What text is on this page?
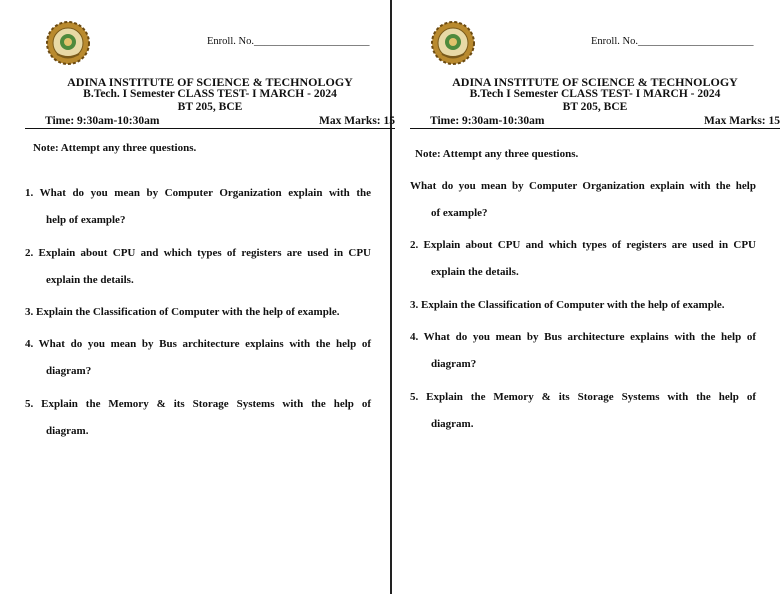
Enroll. No.______________________
ADINA INSTITUTE OF SCIENCE & TECHNOLOGY
B.Tech. I Semester CLASS TEST- I MARCH - 2024
BT 205, BCE
Time: 9:30am-10:30am	Max Marks: 15
Note: Attempt any three questions.
1. What do you mean by Computer Organization explain with the
help of example?
2. Explain about CPU and which types of registers are used in CPU
explain the details.
3. Explain the Classification of Computer with the help of example.
4. What do you mean by Bus architecture explains with the help of
diagram?
5. Explain the Memory & its Storage Systems with the help of
diagram.
Enroll. No.______________________
ADINA INSTITUTE OF SCIENCE & TECHNOLOGY
B.Tech I Semester CLASS TEST- I MARCH - 2024
BT 205, BCE
Time: 9:30am-10:30am	Max Marks: 15
Note: Attempt any three questions.
What do you mean by Computer Organization explain with the help
of example?
2. Explain about CPU and which types of registers are used in CPU
explain the details.
3. Explain the Classification of Computer with the help of example.
4. What do you mean by Bus architecture explains with the help of
diagram?
5. Explain the Memory & its Storage Systems with the help of
diagram.
